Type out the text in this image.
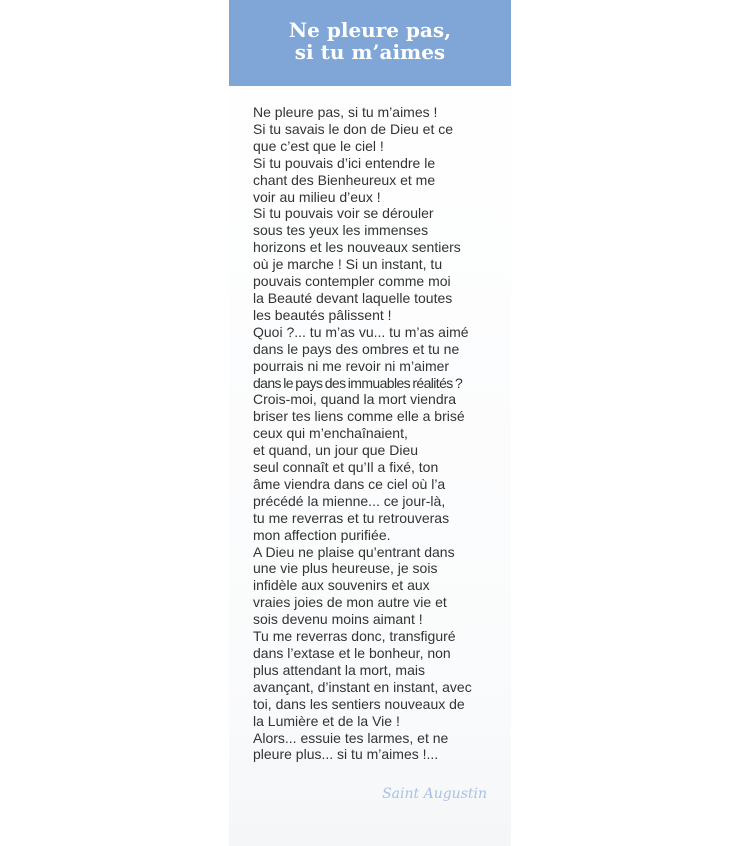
Ne pleure pas,
si tu m’aimes
Ne pleure pas, si tu m’aimes !
Si tu savais le don de Dieu et ce
que c’est que le ciel !
Si tu pouvais d’ici entendre le
chant des Bienheureux et me
voir au milieu d’eux !
Si tu pouvais voir se dérouler
sous tes yeux les immenses
horizons et les nouveaux sentiers
où je marche ! Si un instant, tu
pouvais contempler comme moi
la Beauté devant laquelle toutes
les beautés pâlissent !
Quoi ?... tu m’as vu... tu m’as aimé
dans le pays des ombres et tu ne
pourrais ni me revoir ni m’aimer
dans le pays des immuables réalités ?
Crois-moi, quand la mort viendra
briser tes liens comme elle a brisé
ceux qui m’enchaînaient,
et quand, un jour que Dieu
seul connaît et qu’Il a fixé, ton
âme viendra dans ce ciel où l’a
précédé la mienne... ce jour-là,
tu me reverras et tu retrouveras
mon affection purifiée.
A Dieu ne plaise qu’entrant dans
une vie plus heureuse, je sois
infidèle aux souvenirs et aux
vraies joies de mon autre vie et
sois devenu moins aimant !
Tu me reverras donc, transfiguré
dans l’extase et le bonheur, non
plus attendant la mort, mais
avançant, d’instant en instant, avec
toi, dans les sentiers nouveaux de
la Lumière et de la Vie !
Alors... essuie tes larmes, et ne
pleure plus... si tu m’aimes !...
Saint Augustin
